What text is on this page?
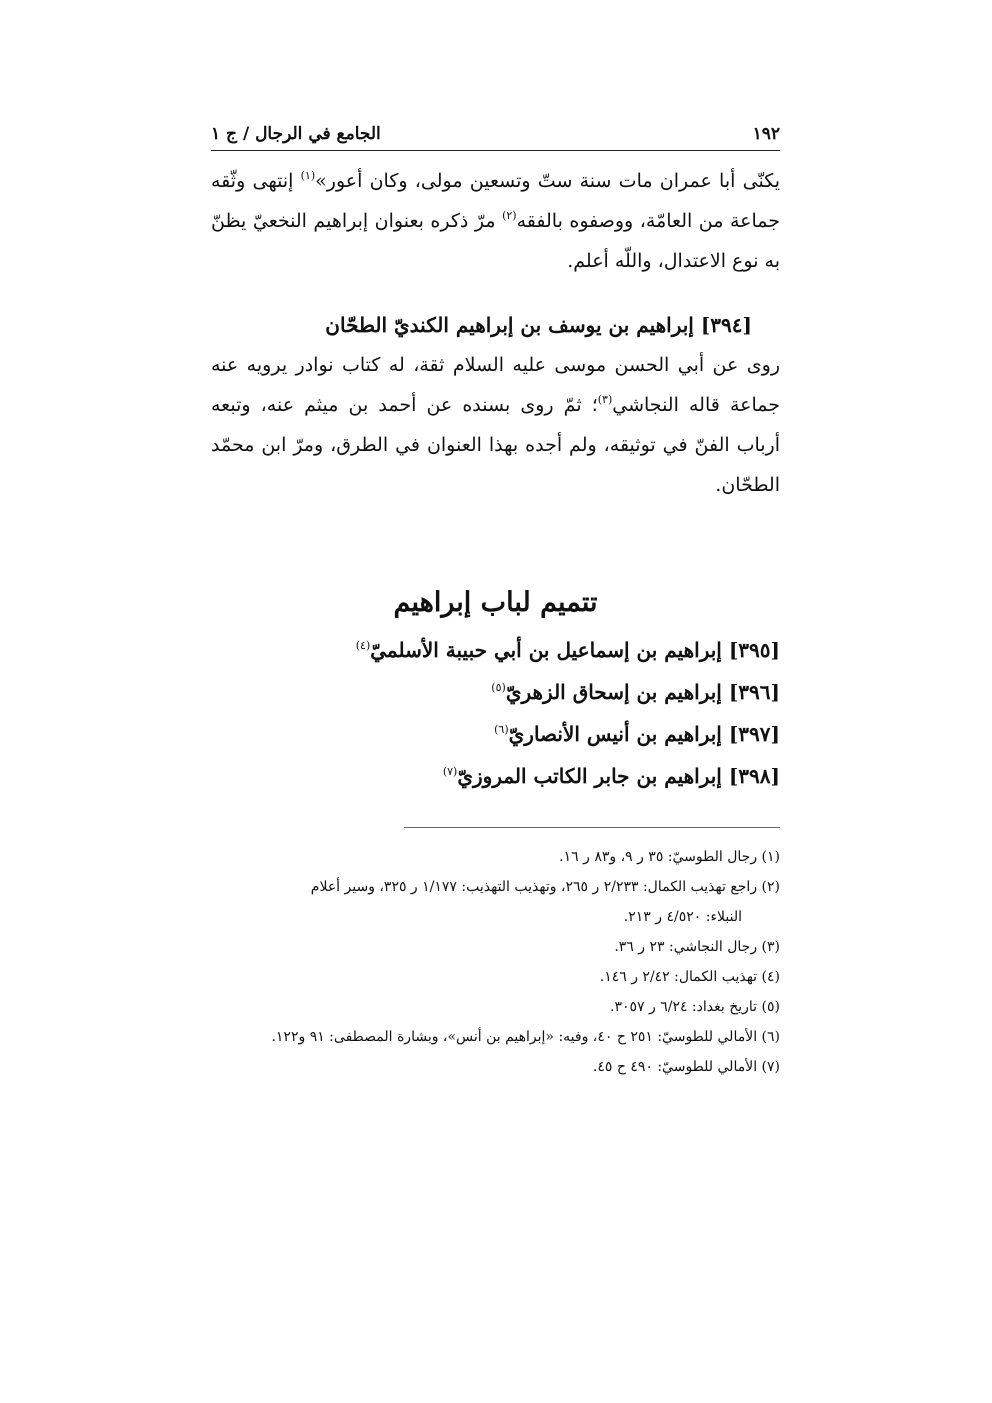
١٩٢
الجامع في الرجال / ج ١

يكنّى أبا عمران مات سنة ستّ وتسعين مولى، وكان أعور»$^{(١)}$ إنتهى وثّقه جماعة من العامّة، ووصفوه بالفقه$^{(٢)}$ مرّ ذكره بعنوان إبراهيم النخعيّ يظنّ به نوع الاعتدال، واللّه أعلم.

[٣٩٤] إبراهيم بن يوسف بن إبراهيم الكنديّ الطحّان

روى عن أبي الحسن موسى عليه السلام ثقة، له كتاب نوادر يرويه عنه جماعة قاله النجاشي$^{(٣)}$؛ ثمّ روى بسنده عن أحمد بن ميثم عنه، وتبعه أرباب الفنّ في توثيقه، ولم أجده بهذا العنوان في الطرق، ومرّ ابن محمّد الطحّان.

تتميم لباب إبراهيم

[٣٩٥] إبراهيم بن إسماعيل بن أبي حبيبة الأسلميّ$^{(٤)}$

[٣٩٦] إبراهيم بن إسحاق الزهريّ$^{(٥)}$

[٣٩٧] إبراهيم بن أنيس الأنصاريّ$^{(٦)}$

[٣٩٨] إبراهيم بن جابر الكاتب المروزيّ$^{(٧)}$

(١) رجال الطوسيّ: ٣٥ ر ٩، و٨٣ ر ١٦.

(٢) راجع تهذيب الكمال: ٢/٢٣٣ ر ٢٦٥، وتهذيب التهذيب: ١/١٧٧ ر ٣٢٥، وسير أعلام
النبلاء: ٤/٥٢٠ ر ٢١٣.

(٣) رجال النجاشي: ٢٣ ر ٣٦.

(٤) تهذيب الكمال: ٢/٤٢ ر ١٤٦.

(٥) تاريخ بغداد: ٦/٢٤ ر ٣٠٥٧.

(٦) الأمالي للطوسيّ: ٢٥١ ح ٤٠، وفيه: «إبراهيم بن أنس»، وبشارة المصطفى: ٩١ و١٢٢.

(٧) الأمالي للطوسيّ: ٤٩٠ ح ٤٥.
